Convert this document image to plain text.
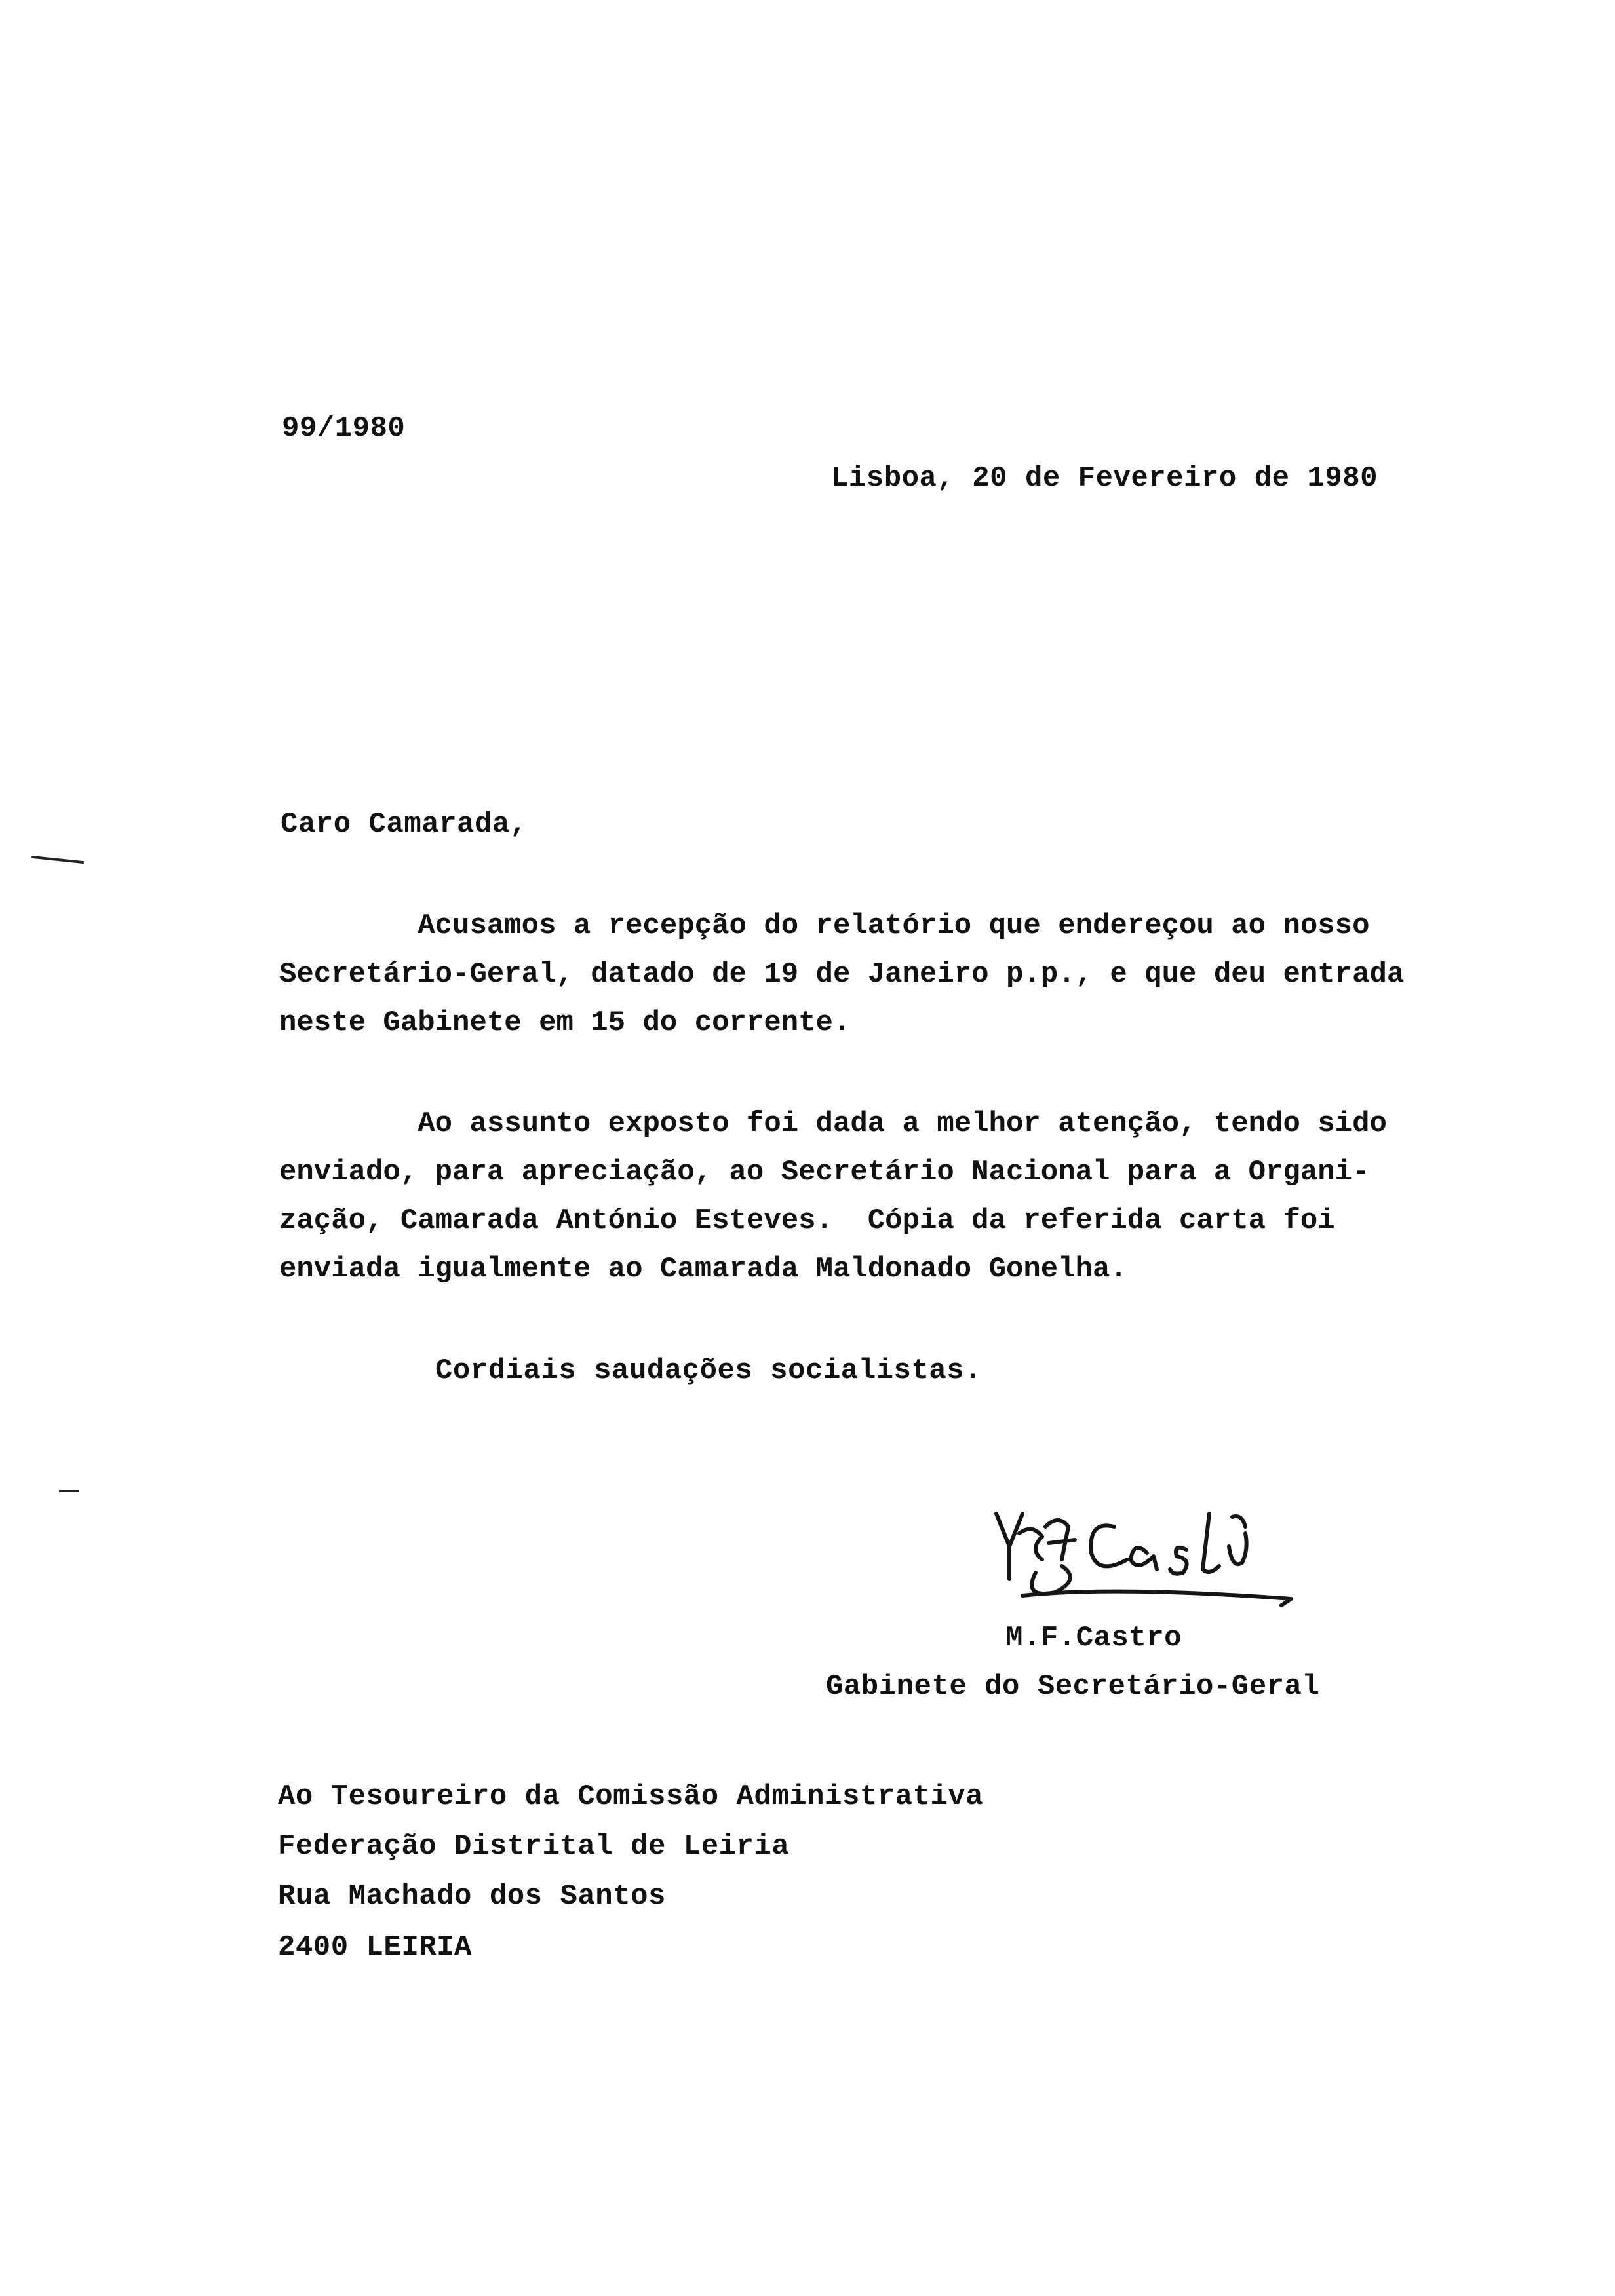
99/1980
Lisboa, 20 de Fevereiro de 1980
Caro Camarada,
Acusamos a recepção do relatório que endereçou ao nosso
Secretário-Geral, datado de 19 de Janeiro p.p., e que deu entrada
neste Gabinete em 15 do corrente.
Ao assunto exposto foi dada a melhor atenção, tendo sido
enviado, para apreciação, ao Secretário Nacional para a Organi-
zação, Camarada António Esteves.  Cópia da referida carta foi
enviada igualmente ao Camarada Maldonado Gonelha.
Cordiais saudações socialistas.
M.F.Castro
Gabinete do Secretário-Geral
Ao Tesoureiro da Comissão Administrativa
Federação Distrital de Leiria
Rua Machado dos Santos
2400 LEIRIA
